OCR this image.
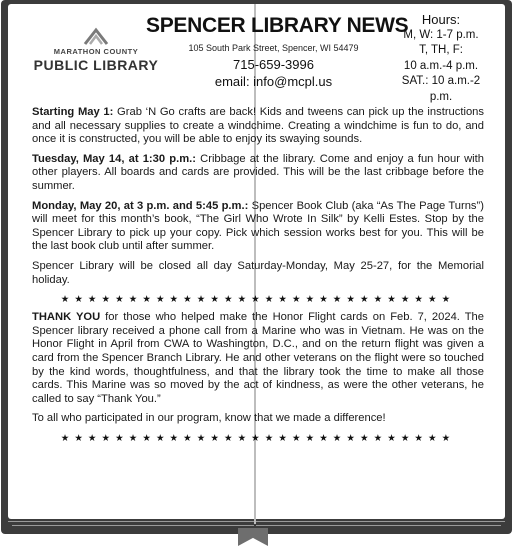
MARATHON COUNTY
PUBLIC LIBRARY
SPENCER LIBRARY NEWS
105 South Park Street, Spencer, WI 54479
715-659-3996
email: info@mcpl.us
Hours:
M, W: 1-7 p.m.
T, TH, F:
10 a.m.-4 p.m.
SAT.: 10 a.m.-2 p.m.

Starting May 1: Grab ‘N Go crafts are back! Kids and tweens can pick up the instructions and all necessary supplies to create a windchime. Creating a windchime is fun to do, and once it is constructed, you will be able to enjoy its swaying sounds.

Tuesday, May 14, at 1:30 p.m.: Cribbage at the library. Come and enjoy a fun hour with other players. All boards and cards are provided. This will be the last cribbage before the summer.

Monday, May 20, at 3 p.m. and 5:45 p.m.: Spencer Book Club (aka “As The Page Turns”) will meet for this month’s book, “The Girl Who Wrote In Silk” by Kelli Estes. Stop by the Spencer Library to pick up your copy. Pick which session works best for you. This will be the last book club until after summer.

Spencer Library will be closed all day Saturday-Monday, May 25-27, for the Memorial holiday.

★★★★★★★★★★★★★★★★★★★★★★★★★★★★★

THANK YOU for those who helped make the Honor Flight cards on Feb. 7, 2024. The Spencer library received a phone call from a Marine who was in Vietnam. He was on the Honor Flight in April from CWA to Washington, D.C., and on the return flight was given a card from the Spencer Branch Library. He and other veterans on the flight were so touched by the kind words, thoughtfulness, and that the library took the time to make all those cards. This Marine was so moved by the act of kindness, as were the other veterans, he called to say “Thank You.”

To all who participated in our program, know that we made a difference!

★★★★★★★★★★★★★★★★★★★★★★★★★★★★★
